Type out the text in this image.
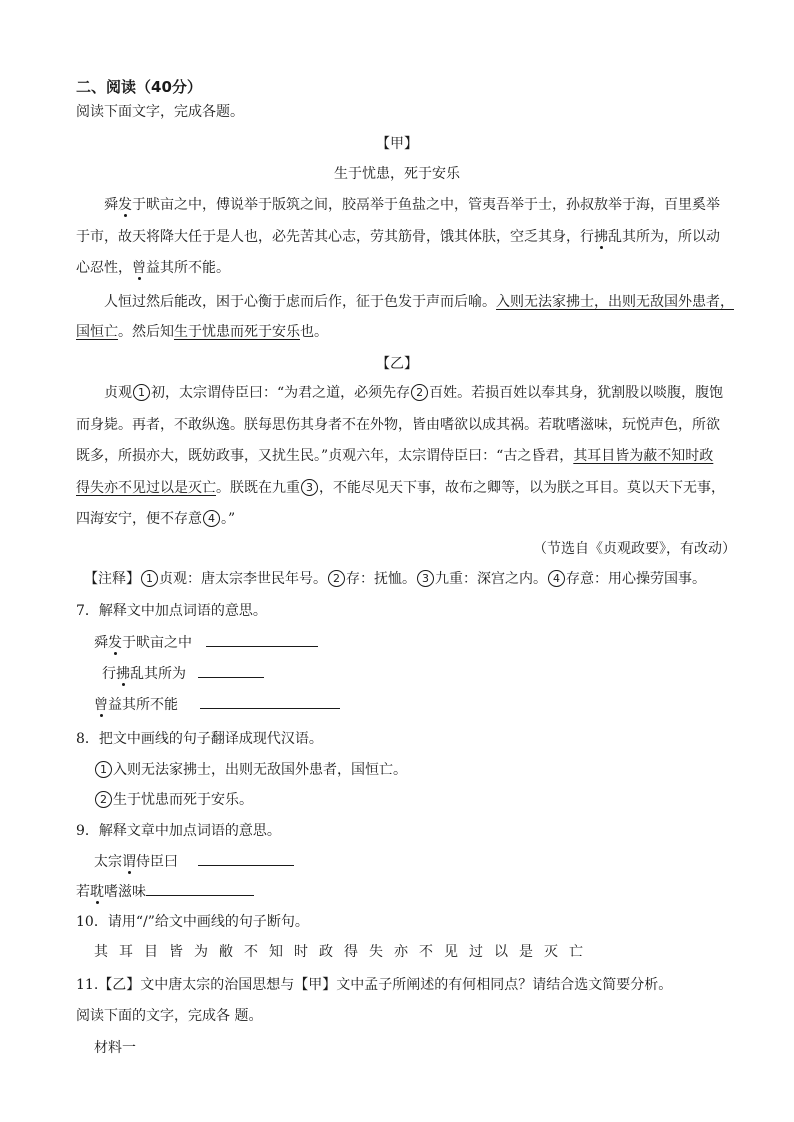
二、阅读（40分）
阅读下面文字，完成各题。
【甲】
生于忧患，死于安乐
舜发于畎亩之中，傅说举于版筑之间，胶鬲举于鱼盐之中，管夷吾举于士，孙叔敖举于海，百里奚举
于市，故天将降大任于是人也，必先苦其心志，劳其筋骨，饿其体肤，空乏其身，行拂乱其所为，所以动
心忍性，曾益其所不能。
人恒过然后能改，困于心衡于虑而后作，征于色发于声而后喻。入则无法家拂士，出则无敌国外患者，
国恒亡。然后知生于忧患而死于安乐也。
【乙】
贞观 1 初，太宗谓侍臣曰：“为君之道，必须先存 2 百姓。若损百姓以奉其身，犹割股以啖腹，腹饱
而身毙。再者，不敢纵逸。朕每思伤其身者不在外物，皆由嗜欲以成其祸。若耽嗜滋味，玩悦声色，所欲
既多，所损亦大，既妨政事，又扰生民。”贞观六年，太宗谓侍臣曰：“古之昏君，其耳目皆为蔽不知时政
得失亦不见过以是灭亡。朕既在九重 3 ，不能尽见天下事，故布之卿等，以为朕之耳目。莫以天下无事，
四海安宁，便不存意 4 。”
（节选自《贞观政要》，有改动）
【注释】 1 贞观：唐太宗李世民年号。 2 存：抚恤。 3 九重：深宫之内。 4 存意：用心操劳国事。
7．解释文中加点词语的意思。
舜发于畎亩之中
行拂乱其所为
曾益其所不能
8．把文中画线的句子翻译成现代汉语。
1 入则无法家拂士，出则无敌国外患者，国恒亡。
2 生于忧患而死于安乐。
9．解释文章中加点词语的意思。
太宗谓侍臣曰
若耽嗜滋味
10．请用“/”给文中画线的句子断句。
其耳目皆为敝不知时政得失亦不见过以是灭亡
11.【乙】文中唐太宗的治国思想与【甲】文中孟子所阐述的有何相同点？请结合选文简要分析。
阅读下面的文字，完成各 题。
材料一
